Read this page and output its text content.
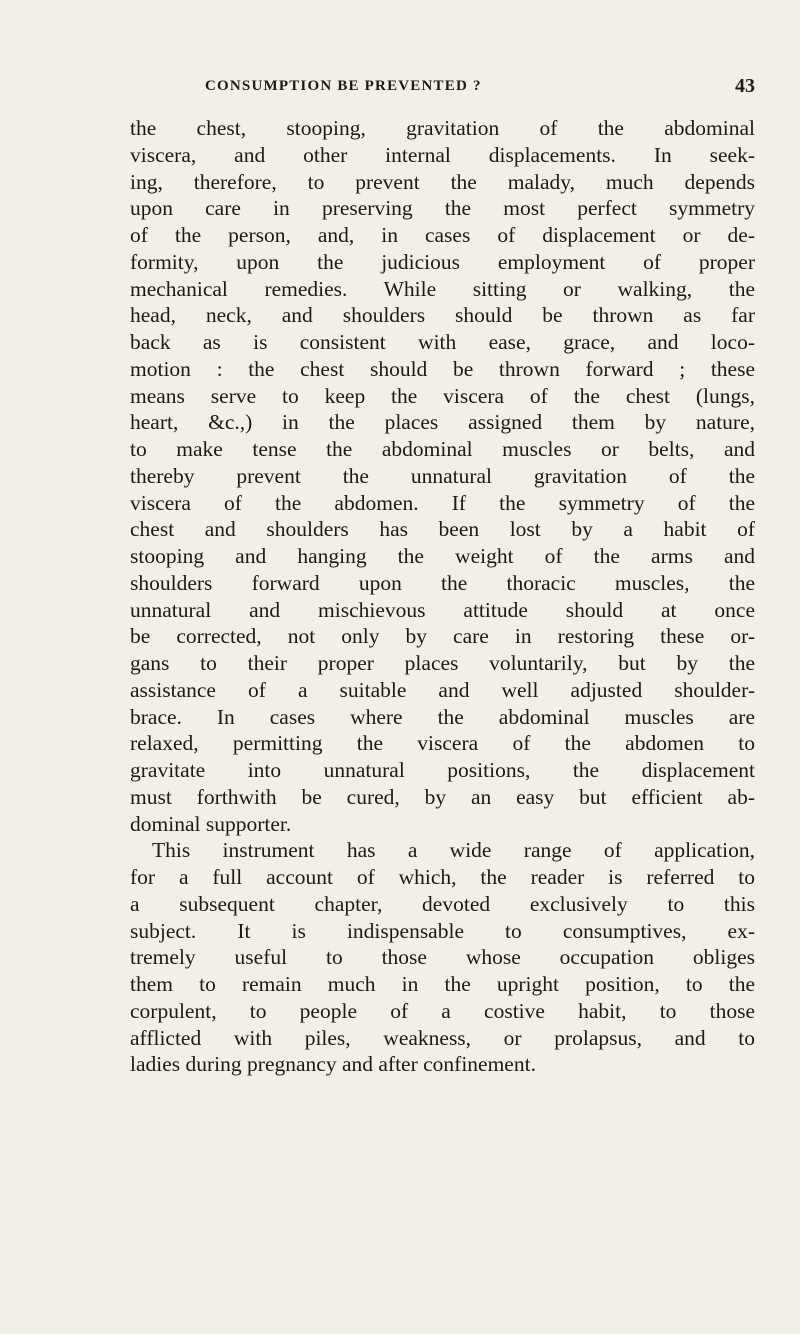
CONSUMPTION BE PREVENTED ?	43
the chest, stooping, gravitation of the abdominal
viscera, and other internal displacements. In seek-
ing, therefore, to prevent the malady, much depends
upon care in preserving the most perfect symmetry
of the person, and, in cases of displacement or de-
formity, upon the judicious employment of proper
mechanical remedies. While sitting or walking, the
head, neck, and shoulders should be thrown as far
back as is consistent with ease, grace, and loco-
motion : the chest should be thrown forward ; these
means serve to keep the viscera of the chest (lungs,
heart, &c.,) in the places assigned them by nature,
to make tense the abdominal muscles or belts, and
thereby prevent the unnatural gravitation of the
viscera of the abdomen. If the symmetry of the
chest and shoulders has been lost by a habit of
stooping and hanging the weight of the arms and
shoulders forward upon the thoracic muscles, the
unnatural and mischievous attitude should at once
be corrected, not only by care in restoring these or-
gans to their proper places voluntarily, but by the
assistance of a suitable and well adjusted shoulder-
brace. In cases where the abdominal muscles are
relaxed, permitting the viscera of the abdomen to
gravitate into unnatural positions, the displacement
must forthwith be cured, by an easy but efficient ab-
dominal supporter.
This instrument has a wide range of application,
for a full account of which, the reader is referred to
a subsequent chapter, devoted exclusively to this
subject. It is indispensable to consumptives, ex-
tremely useful to those whose occupation obliges
them to remain much in the upright position, to the
corpulent, to people of a costive habit, to those
afflicted with piles, weakness, or prolapsus, and to
ladies during pregnancy and after confinement.
